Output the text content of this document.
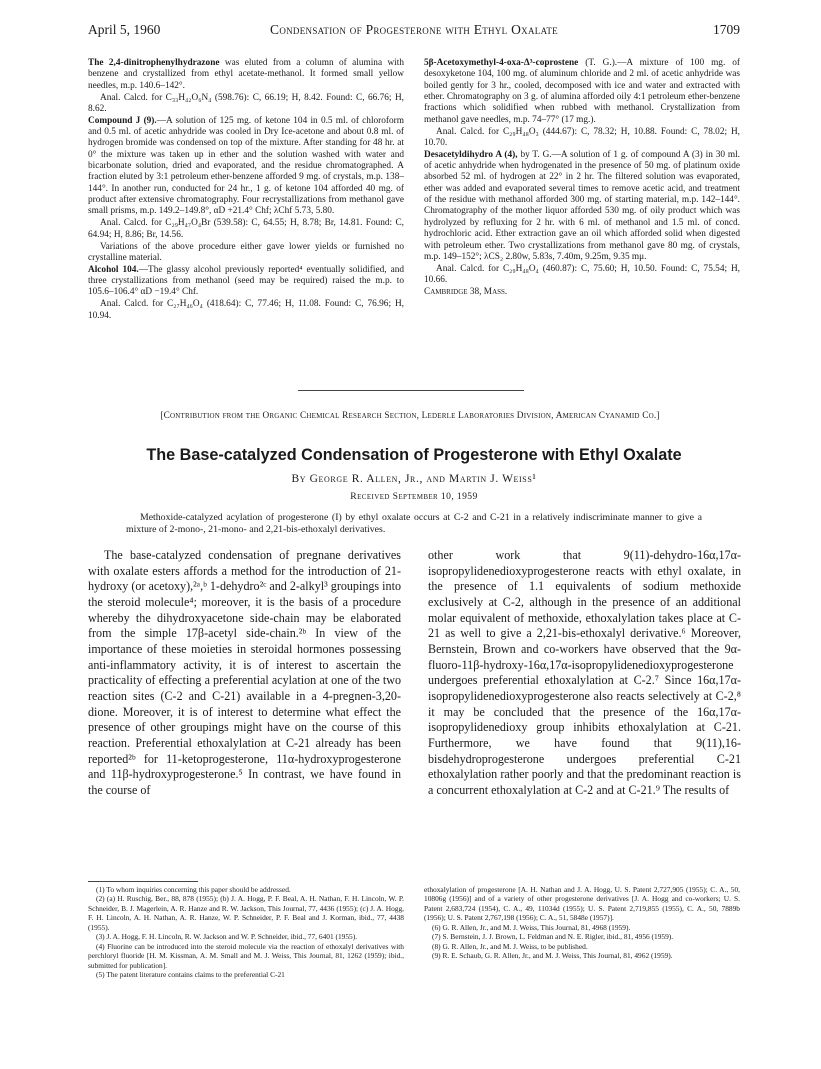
April 5, 1960	Condensation of Progesterone with Ethyl Oxalate	1709

The 2,4-dinitrophenylhydrazone was eluted from a column of alumina with benzene and crystallized from ethyl acetate-methanol. It formed small yellow needles, m.p. 140.6–142°.

Anal. Calcd. for C₃₃H₄₂O₆N₄ (598.76): C, 66.19; H, 8.42. Found: C, 66.76; H, 8.62.

Compound J (9).—A solution of 125 mg. of ketone 104 in 0.5 ml. of chloroform and 0.5 ml. of acetic anhydride was cooled in Dry Ice-acetone and about 0.8 ml. of hydrogen bromide was condensed on top of the mixture. After standing for 48 hr. at 0° the mixture was taken up in ether and the solution washed with water and bicarbonate solution, dried and evaporated, and the residue chromatographed. A fraction eluted by 3:1 petroleum ether-benzene afforded 9 mg. of crystals, m.p. 138–144°. In another run, conducted for 24 hr., 1 g. of ketone 104 afforded 40 mg. of product after extensive chromatography. Four recrystallizations from methanol gave small prisms, m.p. 149.2–149.8°, αD +21.4° Chf; λChf 5.73, 5.80.

Anal. Calcd. for C₂₉H₄₇O₄Br (539.58): C, 64.55; H, 8.78; Br, 14.81. Found: C, 64.94; H, 8.86; Br, 14.56.

Variations of the above procedure either gave lower yields or furnished no crystalline material.

Alcohol 104.—The glassy alcohol previously reported⁴ eventually solidified, and three crystallizations from methanol (seed may be required) raised the m.p. to 105.6–106.4° αD −19.4° Chf.

Anal. Calcd. for C₂₇H₄₆O₄ (418.64): C, 77.46; H, 11.08. Found: C, 76.96; H, 10.94.

5β-Acetoxymethyl-4-oxa-Δ³-coprostene (T. G.).—A mixture of 100 mg. of desoxyketone 104, 100 mg. of aluminum chloride and 2 ml. of acetic anhydride was boiled gently for 3 hr., cooled, decomposed with ice and water and extracted with ether. Chromatography on 3 g. of alumina afforded oily 4:1 petroleum ether-benzene fractions which solidified when rubbed with methanol. Crystallization from methanol gave needles, m.p. 74–77° (17 mg.).

Anal. Calcd. for C₂₉H₄₈O₃ (444.67): C, 78.32; H, 10.88. Found: C, 78.02; H, 10.70.

Desacetyldihydro A (4), by T. G.—A solution of 1 g. of compound A (3) in 30 ml. of acetic anhydride when hydrogenated in the presence of 50 mg. of platinum oxide absorbed 52 ml. of hydrogen at 22° in 2 hr. The filtered solution was evaporated, ether was added and evaporated several times to remove acetic acid, and treatment of the residue with methanol afforded 300 mg. of starting material, m.p. 142–144°. Chromatography of the mother liquor afforded 530 mg. of oily product which was hydrolyzed by refluxing for 2 hr. with 6 ml. of methanol and 1.5 ml. of concd. hydrochloric acid. Ether extraction gave an oil which afforded solid when digested with petroleum ether. Two crystallizations from methanol gave 80 mg. of crystals, m.p. 149–152°; λCS₂ 2.80w, 5.83s, 7.40m, 9.25m, 9.35 mμ.

Anal. Calcd. for C₂₉H₄₈O₄ (460.87): C, 75.60; H, 10.50. Found: C, 75.54; H, 10.66.

Cambridge 38, Mass.

[Contribution from the Organic Chemical Research Section, Lederle Laboratories Division, American Cyanamid Co.]
The Base-catalyzed Condensation of Progesterone with Ethyl Oxalate
By George R. Allen, Jr., and Martin J. Weiss¹
Received September 10, 1959
Methoxide-catalyzed acylation of progesterone (I) by ethyl oxalate occurs at C-2 and C-21 in a relatively indiscriminate manner to give a mixture of 2-mono-, 21-mono- and 2,21-bis-ethoxalyl derivatives.
The base-catalyzed condensation of pregnane derivatives with oxalate esters affords a method for the introduction of 21-hydroxy (or acetoxy),²ᵃ,ᵇ 1-dehydro²ᶜ and 2-alkyl³ groupings into the steroid molecule⁴; moreover, it is the basis of a procedure whereby the dihydroxyacetone side-chain may be elaborated from the simple 17β-acetyl side-chain.²ᵇ In view of the importance of these moieties in steroidal hormones possessing anti-inflammatory activity, it is of interest to ascertain the practicality of effecting a preferential acylation at one of the two reaction sites (C-2 and C-21) available in a 4-pregnen-3,20-dione. Moreover, it is of interest to determine what effect the presence of other groupings might have on the course of this reaction. Preferential ethoxalylation at C-21 already has been reported²ᵇ for 11-ketoprogesterone, 11α-hydroxyprogesterone and 11β-hydroxyprogesterone.⁵ In contrast, we have found in the course of
other work that 9(11)-dehydro-16α,17α-isopropylidenedioxyprogesterone reacts with ethyl oxalate, in the presence of 1.1 equivalents of sodium methoxide exclusively at C-2, although in the presence of an additional molar equivalent of methoxide, ethoxalylation takes place at C-21 as well to give a 2,21-bis-ethoxalyl derivative.⁶ Moreover, Bernstein, Brown and co-workers have observed that the 9α-fluoro-11β-hydroxy-16α,17α-isopropylidenedioxyprogesterone undergoes preferential ethoxalylation at C-2.⁷ Since 16α,17α-isopropylidenedioxyprogesterone also reacts selectively at C-2,⁸ it may be concluded that the presence of the 16α,17α-isopropylidenedioxy group inhibits ethoxalylation at C-21. Furthermore, we have found that 9(11),16-bisdehydroprogesterone undergoes preferential C-21 ethoxalylation rather poorly and that the predominant reaction is a concurrent ethoxalylation at C-2 and at C-21.⁹ The results of

(1) To whom inquiries concerning this paper should be addressed.

(2) (a) H. Ruschig, Ber., 88, 878 (1955); (b) J. A. Hogg, P. F. Beal, A. H. Nathan, F. H. Lincoln, W. P. Schneider, B. J. Magerlein, A. R. Hanze and R. W. Jackson, This Journal, 77, 4436 (1955); (c) J. A. Hogg, F. H. Lincoln, A. H. Nathan, A. R. Hanze, W. P. Schneider, P. F. Beal and J. Korman, ibid., 77, 4438 (1955).

(3) J. A. Hogg, F. H. Lincoln, R. W. Jackson and W. P. Schneider, ibid., 77, 6401 (1955).

(4) Fluorine can be introduced into the steroid molecule via the reaction of ethoxalyl derivatives with perchloryl fluoride [H. M. Kissman, A. M. Small and M. J. Weiss, This Journal, 81, 1262 (1959); ibid., submitted for publication].

(5) The patent literature contains claims to the preferential C-21

ethoxalylation of progesterone [A. H. Nathan and J. A. Hogg, U. S. Patent 2,727,905 (1955); C. A., 50, 10806g (1956)] and of a variety of other progesterone derivatives [J. A. Hogg and co-workers; U. S. Patent 2,683,724 (1954), C. A., 49, 11034d (1955); U. S. Patent 2,719,855 (1955), C. A., 50, 7889b (1956); U. S. Patent 2,767,198 (1956); C. A., 51, 5848e (1957)].

(6) G. R. Allen, Jr., and M. J. Weiss, This Journal, 81, 4968 (1959).

(7) S. Bernstein, J. J. Brown, L. Feldman and N. E. Rigler, ibid., 81, 4956 (1959).

(8) G. R. Allen, Jr., and M. J. Weiss, to be published.

(9) R. E. Schaub, G. R. Allen, Jr., and M. J. Weiss, This Journal, 81, 4962 (1959).
